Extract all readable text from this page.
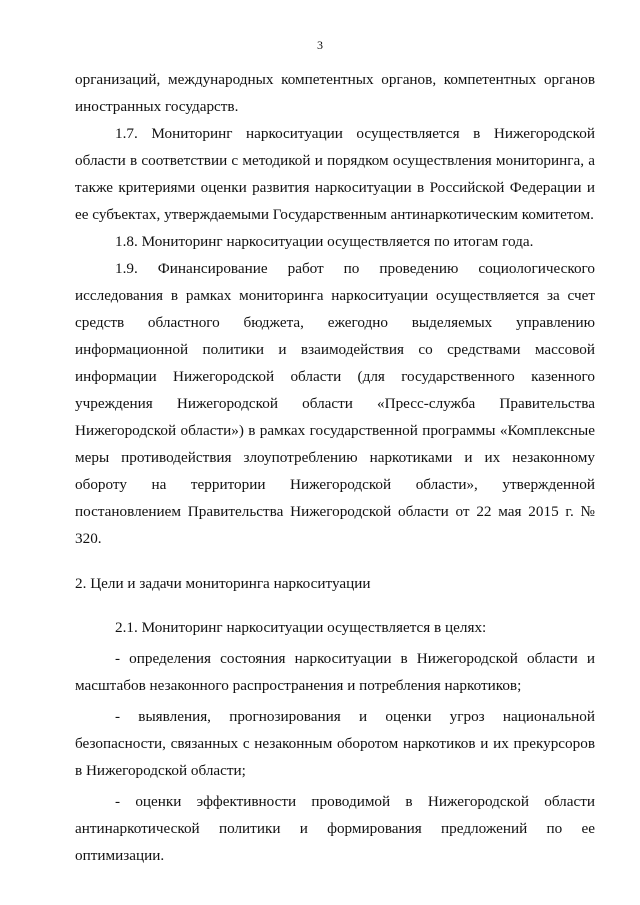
3

организаций, международных компетентных органов, компетентных органов иностранных государств.

1.7. Мониторинг наркоситуации осуществляется в Нижегородской области в соответствии с методикой и порядком осуществления мониторинга, а также критериями оценки развития наркоситуации в Российской Федерации и ее субъектах, утверждаемыми Государственным антинаркотическим комитетом.

1.8. Мониторинг наркоситуации осуществляется по итогам года.

1.9. Финансирование работ по проведению социологического исследования в рамках мониторинга наркоситуации осуществляется за счет средств областного бюджета, ежегодно выделяемых управлению информационной политики и взаимодействия со средствами массовой информации Нижегородской области (для государственного казенного учреждения Нижегородской области «Пресс-служба Правительства Нижегородской области») в рамках государственной программы «Комплексные меры противодействия злоупотреблению наркотиками и их незаконному обороту на территории Нижегородской области», утвержденной постановлением Правительства Нижегородской области от 22 мая 2015 г. № 320.

2. Цели и задачи мониторинга наркоситуации

2.1. Мониторинг наркоситуации осуществляется в целях:

- определения состояния наркоситуации в Нижегородской области и масштабов незаконного распространения и потребления наркотиков;

- выявления, прогнозирования и оценки угроз национальной безопасности, связанных с незаконным оборотом наркотиков и их прекурсоров в Нижегородской области;

- оценки эффективности проводимой в Нижегородской области антинаркотической политики и формирования предложений по ее оптимизации.
